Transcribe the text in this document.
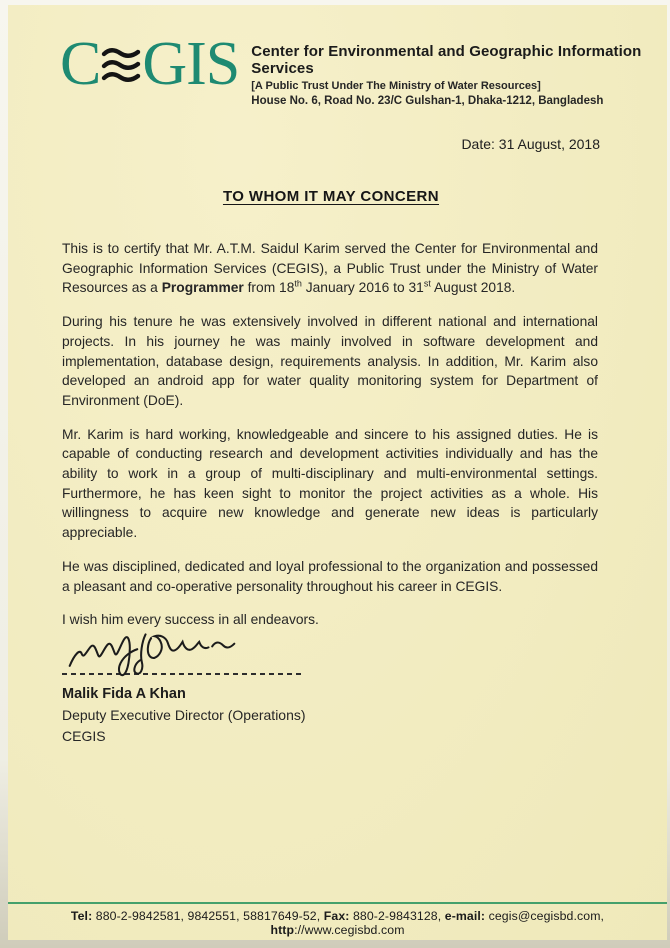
C GIS Center for Environmental and Geographic Information Services
[A Public Trust Under The Ministry of Water Resources]
House No. 6, Road No. 23/C Gulshan-1, Dhaka-1212, Bangladesh
Date: 31 August, 2018
TO WHOM IT MAY CONCERN

This is to certify that Mr. A.T.M. Saidul Karim served the Center for Environmental and Geographic Information Services (CEGIS), a Public Trust under the Ministry of Water Resources as a Programmer from 18th January 2016 to 31st August 2018.

During his tenure he was extensively involved in different national and international projects. In his journey he was mainly involved in software development and implementation, database design, requirements analysis. In addition, Mr. Karim also developed an android app for water quality monitoring system for Department of Environment (DoE).

Mr. Karim is hard working, knowledgeable and sincere to his assigned duties. He is capable of conducting research and development activities individually and has the ability to work in a group of multi-disciplinary and multi-environmental settings. Furthermore, he has keen sight to monitor the project activities as a whole. His willingness to acquire new knowledge and generate new ideas is particularly appreciable.

He was disciplined, dedicated and loyal professional to the organization and possessed a pleasant and co-operative personality throughout his career in CEGIS.

I wish him every success in all endeavors.

Malik Fida A Khan
Deputy Executive Director (Operations)
CEGIS
Tel: 880-2-9842581, 9842551, 58817649-52, Fax: 880-2-9843128, e-mail: cegis@cegisbd.com, http://www.cegisbd.com
